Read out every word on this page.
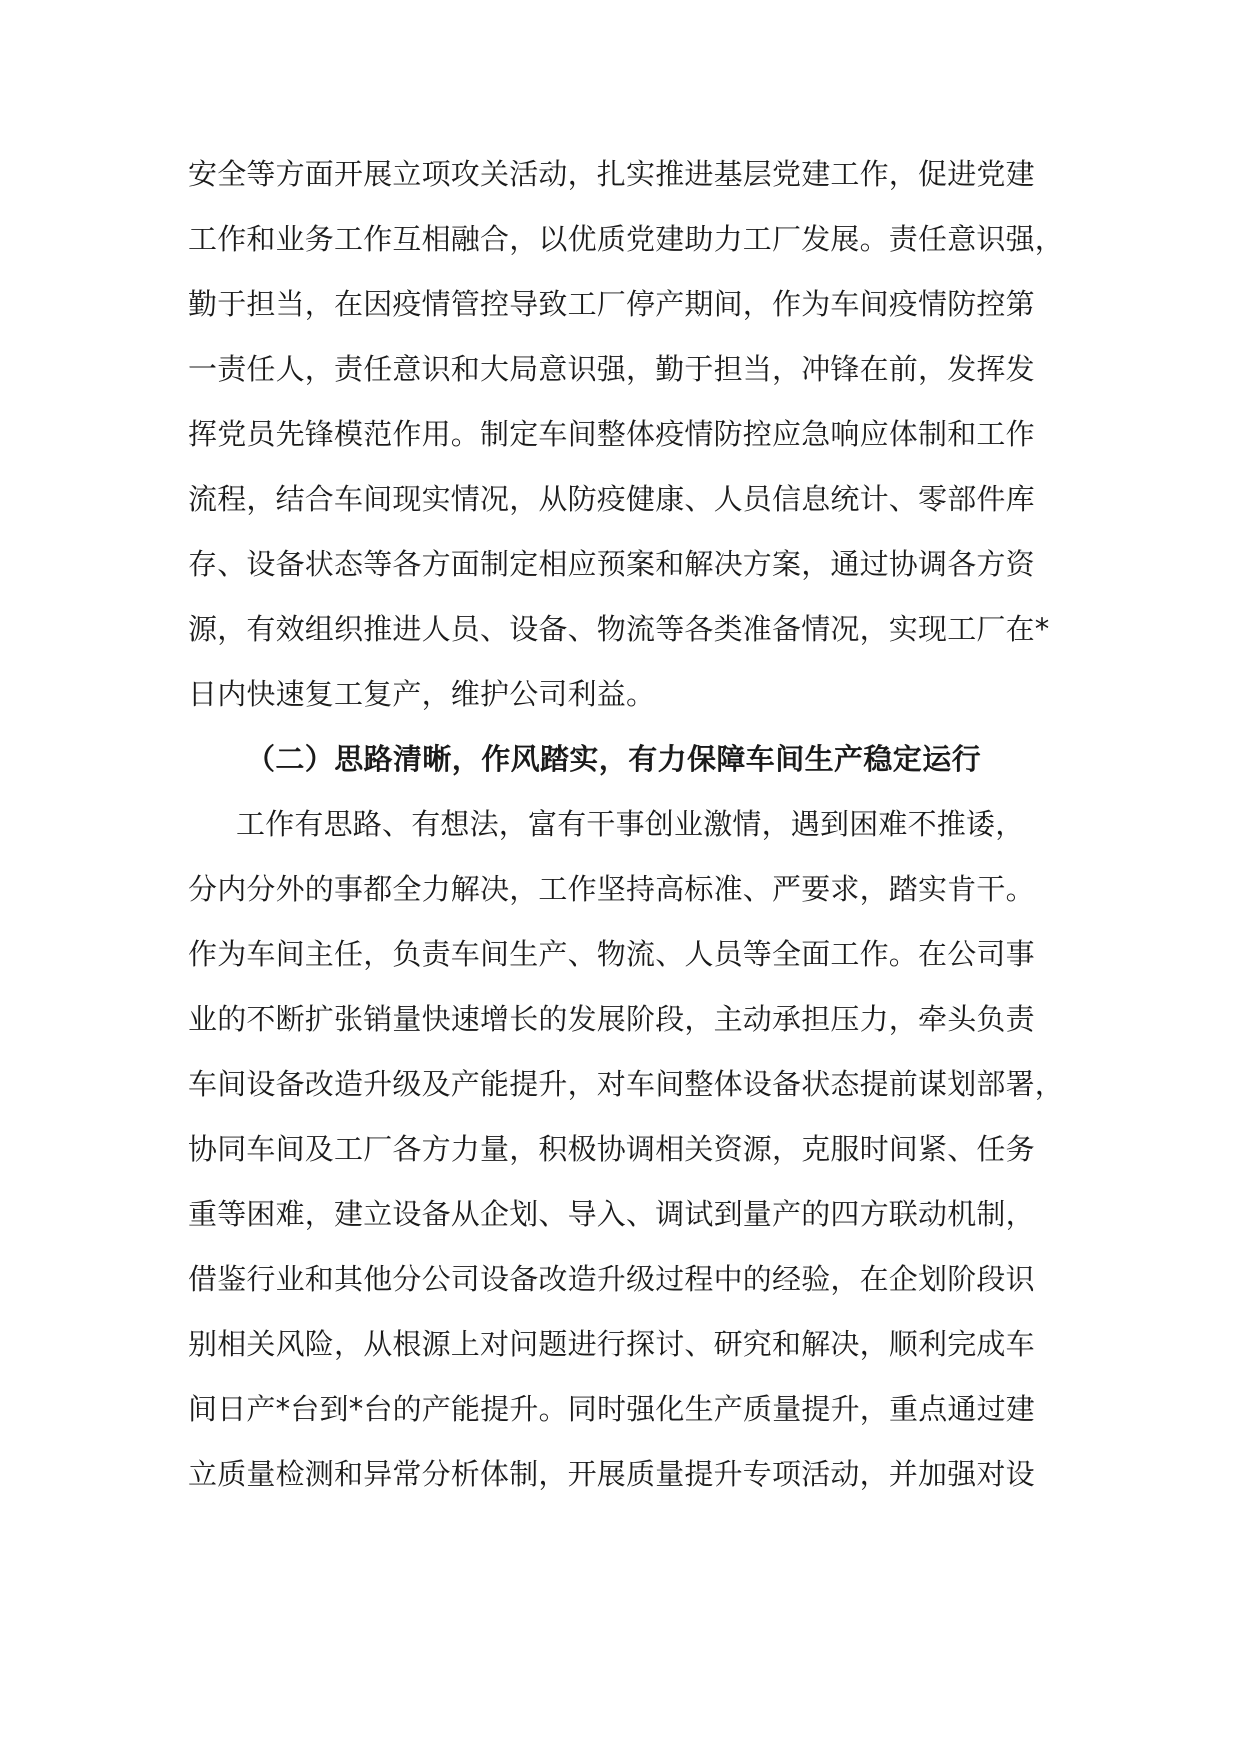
安全等方面开展立项攻关活动，扎实推进基层党建工作，促进党建
工作和业务工作互相融合，以优质党建助力工厂发展。责任意识强，
勤于担当，在因疫情管控导致工厂停产期间，作为车间疫情防控第
一责任人，责任意识和大局意识强，勤于担当，冲锋在前，发挥发
挥党员先锋模范作用。制定车间整体疫情防控应急响应体制和工作
流程，结合车间现实情况，从防疫健康、人员信息统计、零部件库
存、设备状态等各方面制定相应预案和解决方案，通过协调各方资
源，有效组织推进人员、设备、物流等各类准备情况，实现工厂在*
日内快速复工复产，维护公司利益。
（二）思路清晰，作风踏实，有力保障车间生产稳定运行
工作有思路、有想法，富有干事创业激情，遇到困难不推诿，
分内分外的事都全力解决，工作坚持高标准、严要求，踏实肯干。
作为车间主任，负责车间生产、物流、人员等全面工作。在公司事
业的不断扩张销量快速增长的发展阶段，主动承担压力，牵头负责
车间设备改造升级及产能提升，对车间整体设备状态提前谋划部署，
协同车间及工厂各方力量，积极协调相关资源，克服时间紧、任务
重等困难，建立设备从企划、导入、调试到量产的四方联动机制，
借鉴行业和其他分公司设备改造升级过程中的经验，在企划阶段识
别相关风险，从根源上对问题进行探讨、研究和解决，顺利完成车
间日产*台到*台的产能提升。同时强化生产质量提升，重点通过建
立质量检测和异常分析体制，开展质量提升专项活动，并加强对设
